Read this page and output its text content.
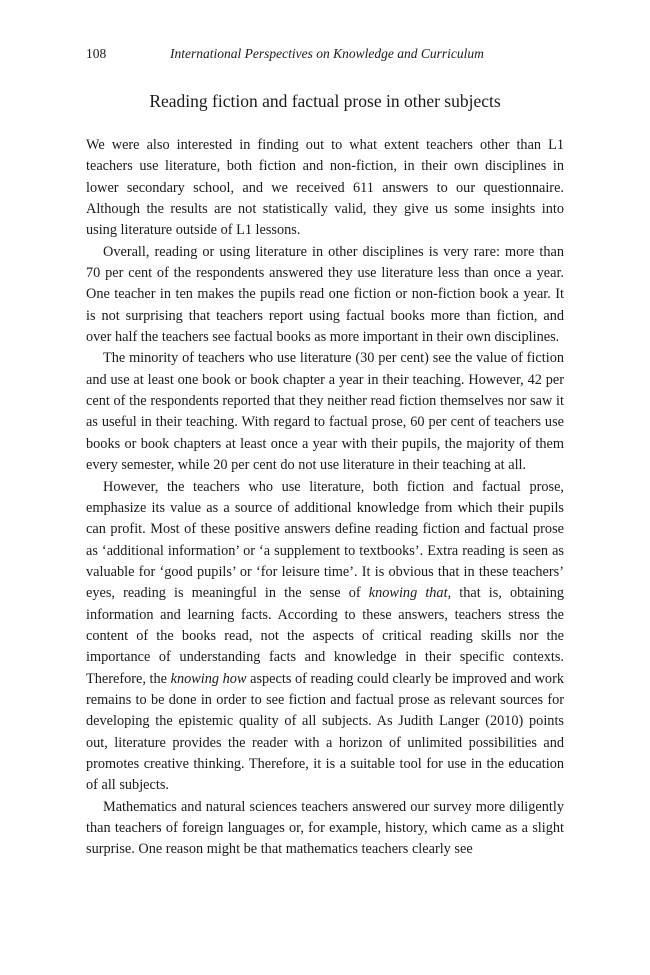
108	International Perspectives on Knowledge and Curriculum
Reading fiction and factual prose in other subjects

We were also interested in finding out to what extent teachers other than L1 teachers use literature, both fiction and non-fiction, in their own disciplines in lower secondary school, and we received 611 answers to our questionnaire. Although the results are not statistically valid, they give us some insights into using literature outside of L1 lessons.

Overall, reading or using literature in other disciplines is very rare: more than 70 per cent of the respondents answered they use literature less than once a year. One teacher in ten makes the pupils read one fiction or non-fiction book a year. It is not surprising that teachers report using factual books more than fiction, and over half the teachers see factual books as more important in their own disciplines.

The minority of teachers who use literature (30 per cent) see the value of fiction and use at least one book or book chapter a year in their teaching. However, 42 per cent of the respondents reported that they neither read fiction themselves nor saw it as useful in their teaching. With regard to factual prose, 60 per cent of teachers use books or book chapters at least once a year with their pupils, the majority of them every semester, while 20 per cent do not use literature in their teaching at all.

However, the teachers who use literature, both fiction and factual prose, emphasize its value as a source of additional knowledge from which their pupils can profit. Most of these positive answers define reading fiction and factual prose as ‘additional information’ or ‘a supplement to textbooks’. Extra reading is seen as valuable for ‘good pupils’ or ‘for leisure time’. It is obvious that in these teachers’ eyes, reading is meaningful in the sense of knowing that, that is, obtaining information and learning facts. According to these answers, teachers stress the content of the books read, not the aspects of critical reading skills nor the importance of understanding facts and knowledge in their specific contexts. Therefore, the knowing how aspects of reading could clearly be improved and work remains to be done in order to see fiction and factual prose as relevant sources for developing the epistemic quality of all subjects. As Judith Langer (2010) points out, literature provides the reader with a horizon of unlimited possibilities and promotes creative thinking. Therefore, it is a suitable tool for use in the education of all subjects.

Mathematics and natural sciences teachers answered our survey more diligently than teachers of foreign languages or, for example, history, which came as a slight surprise. One reason might be that mathematics teachers clearly see
